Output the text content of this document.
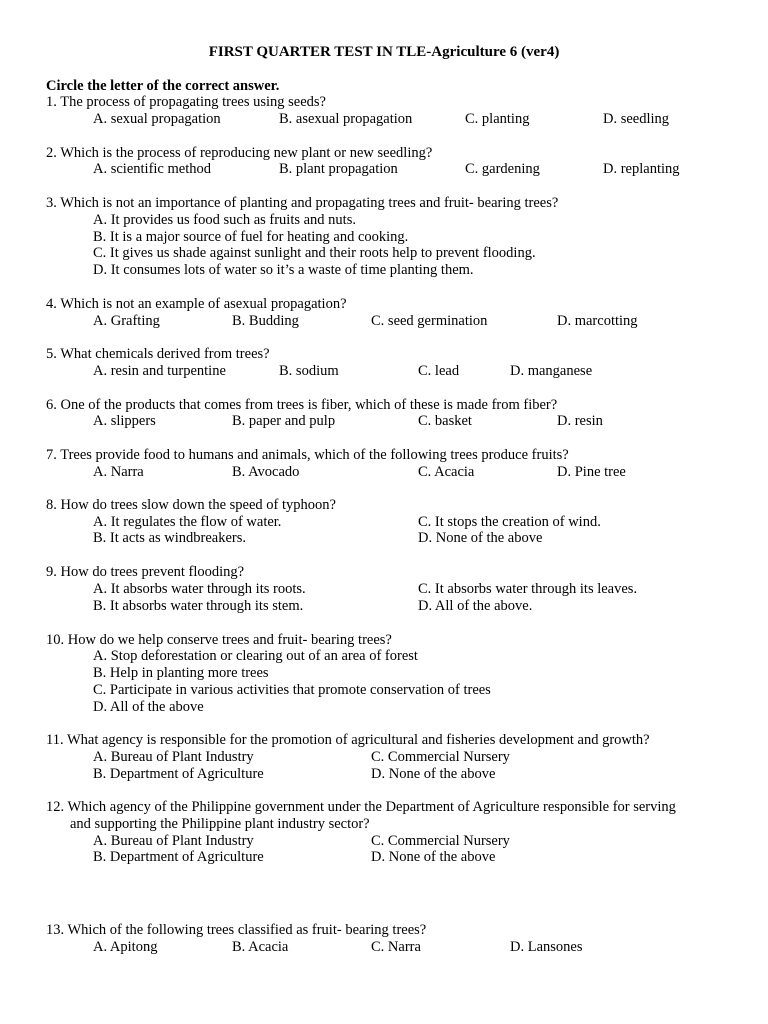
FIRST QUARTER TEST IN TLE-Agriculture 6 (ver4)
Circle the letter of the correct answer.
1. The process of propagating trees using seeds?
A. sexual propagation	B. asexual propagation	C. planting	D. seedling
2. Which is the process of reproducing new plant or new seedling?
A. scientific method	B. plant propagation	C. gardening	D. replanting
3. Which is not an importance of planting and propagating trees and fruit- bearing trees?
A. It provides us food such as fruits and nuts.
B. It is a major source of fuel for heating and cooking.
C. It gives us shade against sunlight and their roots help to prevent flooding.
D. It consumes lots of water so it’s a waste of time planting them.
4. Which is not an example of asexual propagation?
A. Grafting	B. Budding	C. seed germination	D. marcotting
5. What chemicals derived from trees?
A. resin and turpentine	B. sodium	C. lead	D. manganese
6. One of the products that comes from trees is fiber, which of these is made from fiber?
A. slippers	B. paper and pulp	C. basket	D. resin
7. Trees provide food to humans and animals, which of the following trees produce fruits?
A. Narra	B. Avocado	C. Acacia	D. Pine tree
8. How do trees slow down the speed of typhoon?
A. It regulates the flow of water.	C. It stops the creation of wind.
B. It acts as windbreakers.	D. None of the above
9. How do trees prevent flooding?
A. It absorbs water through its roots.	C. It absorbs water through its leaves.
B. It absorbs water through its stem.	D. All of the above.
10. How do we help conserve trees and fruit- bearing trees?
A. Stop deforestation or clearing out of an area of forest
B. Help in planting more trees
C. Participate in various activities that promote conservation of trees
D. All of the above
11. What agency is responsible for the promotion of agricultural and fisheries development and growth?
A. Bureau of Plant Industry	C. Commercial Nursery
B. Department of Agriculture	D. None of the above
12. Which agency of the Philippine government under the Department of Agriculture responsible for serving
and supporting the Philippine plant industry sector?
A. Bureau of Plant Industry	C. Commercial Nursery
B. Department of Agriculture	D. None of the above
13. Which of the following trees classified as fruit- bearing trees?
A. Apitong	B. Acacia	C. Narra	D. Lansones
